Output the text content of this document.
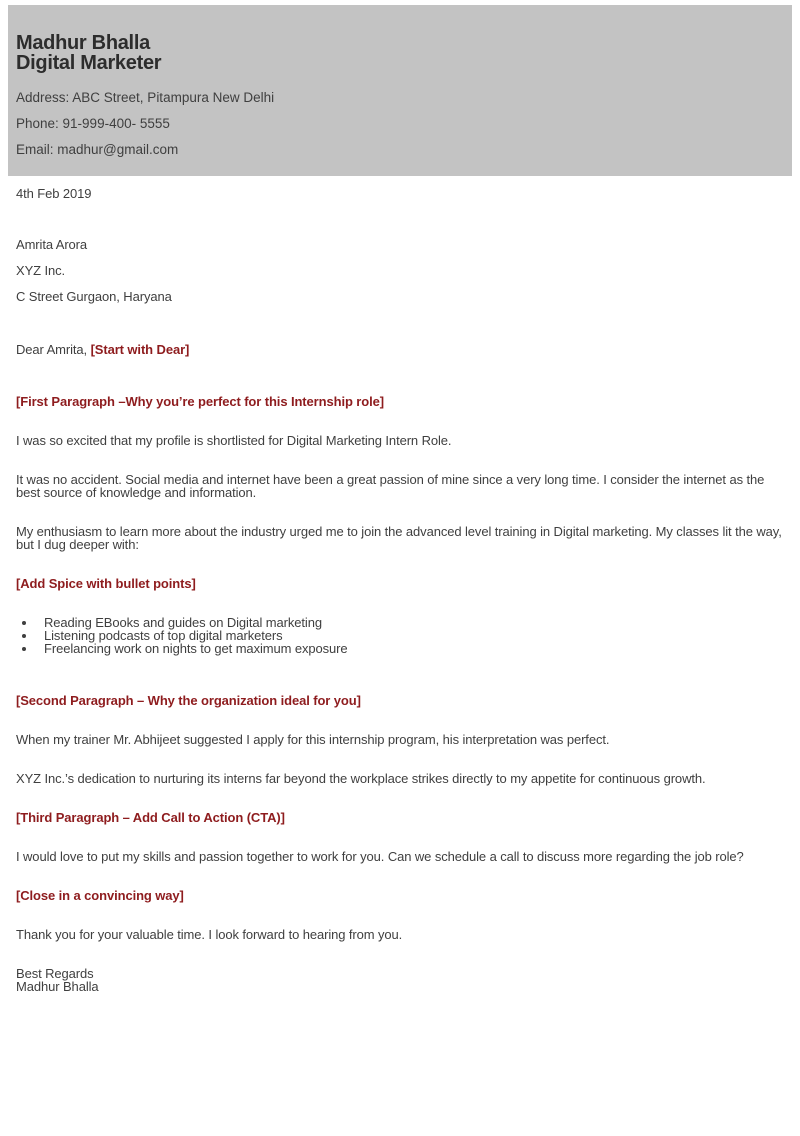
Madhur Bhalla
Digital Marketer

Address: ABC Street, Pitampura New Delhi

Phone: 91-999-400- 5555

Email: madhur@gmail.com

4th Feb 2019

Amrita Arora

XYZ Inc.

C Street Gurgaon, Haryana

Dear Amrita, [Start with Dear]

[First Paragraph –Why you’re perfect for this Internship role]

I was so excited that my profile is shortlisted for Digital Marketing Intern Role.

It was no accident. Social media and internet have been a great passion of mine since a very long time. I consider the internet as the best source of knowledge and information.

My enthusiasm to learn more about the industry urged me to join the advanced level training in Digital marketing. My classes lit the way, but I dug deeper with:

[Add Spice with bullet points]

• Reading EBooks and guides on Digital marketing
• Listening podcasts of top digital marketers
• Freelancing work on nights to get maximum exposure

[Second Paragraph – Why the organization ideal for you]

When my trainer Mr. Abhijeet suggested I apply for this internship program, his interpretation was perfect.

XYZ Inc.’s dedication to nurturing its interns far beyond the workplace strikes directly to my appetite for continuous growth.

[Third Paragraph – Add Call to Action (CTA)]

I would love to put my skills and passion together to work for you. Can we schedule a call to discuss more regarding the job role?

[Close in a convincing way]

Thank you for your valuable time. I look forward to hearing from you.

Best Regards
Madhur Bhalla
